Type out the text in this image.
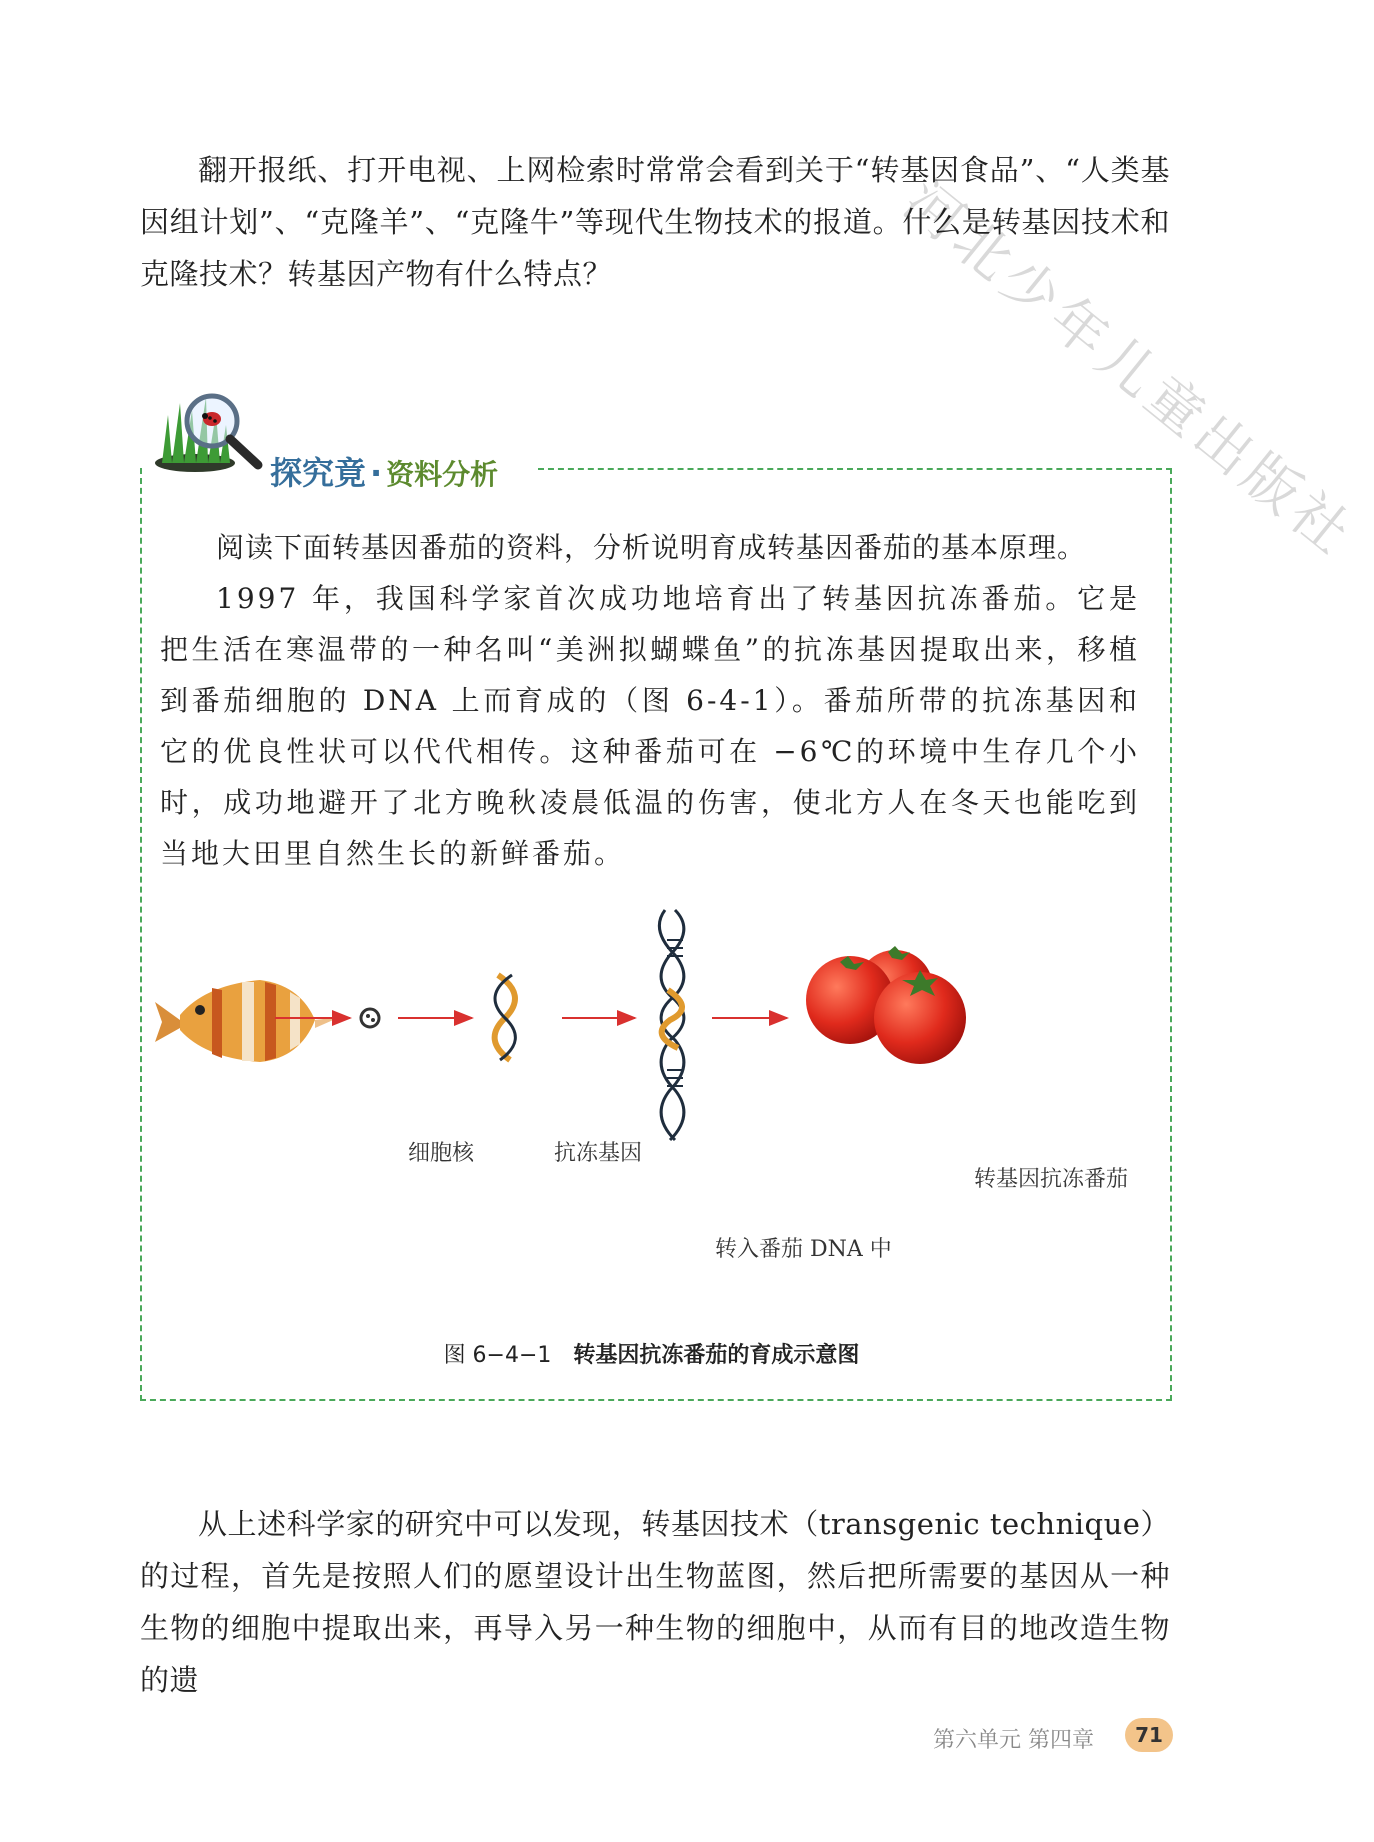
河北少年儿童出版社

翻开报纸、打开电视、上网检索时常常会看到关于“转基因食品”、“人类基因组计划”、“克隆羊”、“克隆牛”等现代生物技术的报道。什么是转基因技术和克隆技术？转基因产物有什么特点？

探究竟 · 资料分析

阅读下面转基因番茄的资料，分析说明育成转基因番茄的基本原理。

1997 年，我国科学家首次成功地培育出了转基因抗冻番茄。它是把生活在寒温带的一种名叫“美洲拟蝴蝶鱼”的抗冻基因提取出来，移植到番茄细胞的 DNA 上而育成的（图 6-4-1）。番茄所带的抗冻基因和它的优良性状可以代代相传。这种番茄可在 −6℃的环境中生存几个小时，成功地避开了北方晚秋凌晨低温的伤害，使北方人在冬天也能吃到当地大田里自然生长的新鲜番茄。

细胞核	抗冻基因
转入番茄 DNA 中
转基因抗冻番茄
图 6−4−1 转基因抗冻番茄的育成示意图

从上述科学家的研究中可以发现，转基因技术（transgenic technique）的过程，首先是按照人们的愿望设计出生物蓝图，然后把所需要的基因从一种生物的细胞中提取出来，再导入另一种生物的细胞中，从而有目的地改造生物的遗

第六单元 第四章	71
